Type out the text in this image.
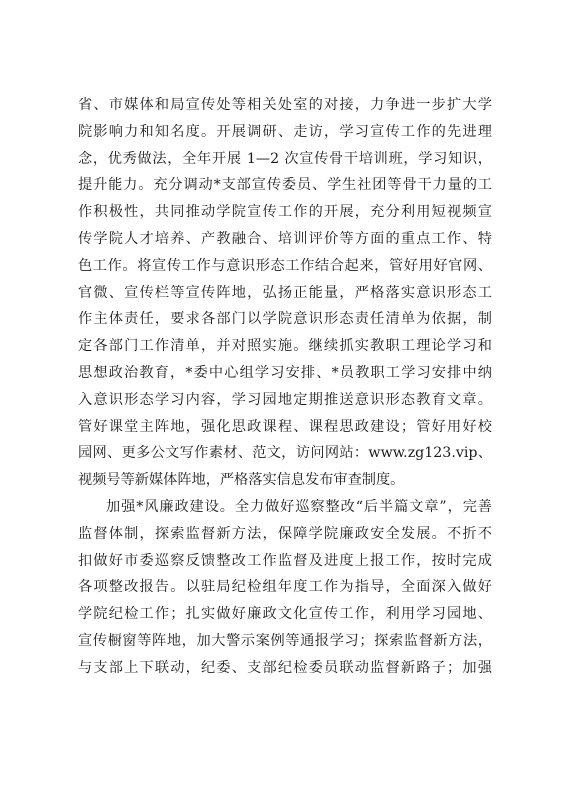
省、市媒体和局宣传处等相关处室的对接，力争进一步扩大学
院影响力和知名度。开展调研、走访，学习宣传工作的先进理
念，优秀做法，全年开展 1—2 次宣传骨干培训班，学习知识，
提升能力。充分调动*支部宣传委员、学生社团等骨干力量的工
作积极性，共同推动学院宣传工作的开展，充分利用短视频宣
传学院人才培养、产教融合、培训评价等方面的重点工作、特
色工作。将宣传工作与意识形态工作结合起来，管好用好官网、
官微、宣传栏等宣传阵地，弘扬正能量，严格落实意识形态工
作主体责任，要求各部门以学院意识形态责任清单为依据，制
定各部门工作清单，并对照实施。继续抓实教职工理论学习和
思想政治教育，*委中心组学习安排、*员教职工学习安排中纳
入意识形态学习内容，学习园地定期推送意识形态教育文章。
管好课堂主阵地，强化思政课程、课程思政建设；管好用好校
园网、更多公文写作素材、范文，访问网站：www.zg123.vip、
视频号等新媒体阵地，严格落实信息发布审查制度。
加强*风廉政建设。全力做好巡察整改“后半篇文章”，完善
监督体制，探索监督新方法，保障学院廉政安全发展。不折不
扣做好市委巡察反馈整改工作监督及进度上报工作，按时完成
各项整改报告。以驻局纪检组年度工作为指导，全面深入做好
学院纪检工作；扎实做好廉政文化宣传工作，利用学习园地、
宣传橱窗等阵地，加大警示案例等通报学习；探索监督新方法，
与支部上下联动，纪委、支部纪检委员联动监督新路子；加强
